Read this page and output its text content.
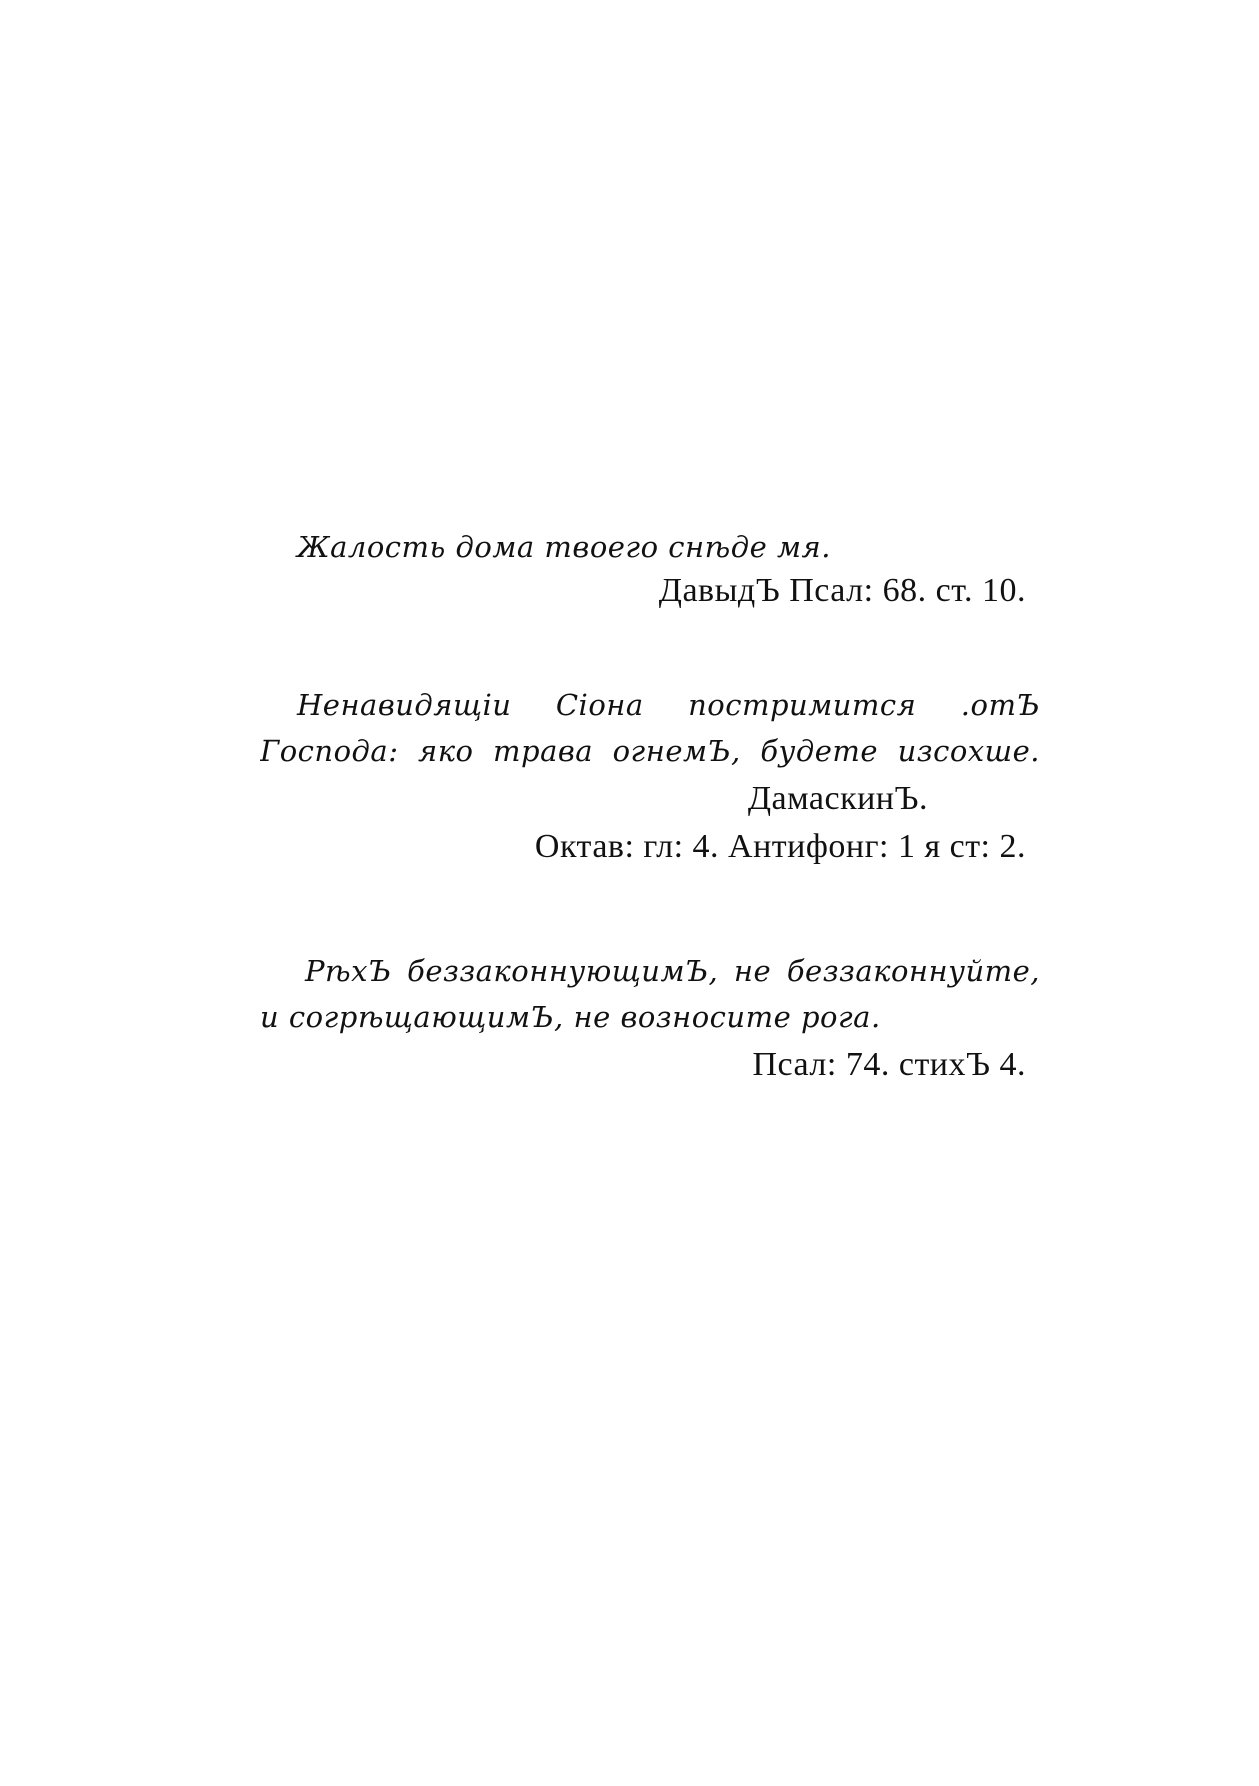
Жалость дома твоего снѣде мя.
ДавыдЪ Псал: 68. ст. 10.
Ненавидящіи Сіона постримится .отЪ
Господа: яко трава огнемЪ, будете изсохше.
ДамаскинЪ.
Октав: гл: 4. Антифонг: 1 я ст: 2.
РѣхЪ беззаконнующимЪ, не беззаконнуйте,
и согрѣщающимЪ, не возносите рога.
Псал: 74. стихЪ 4.
